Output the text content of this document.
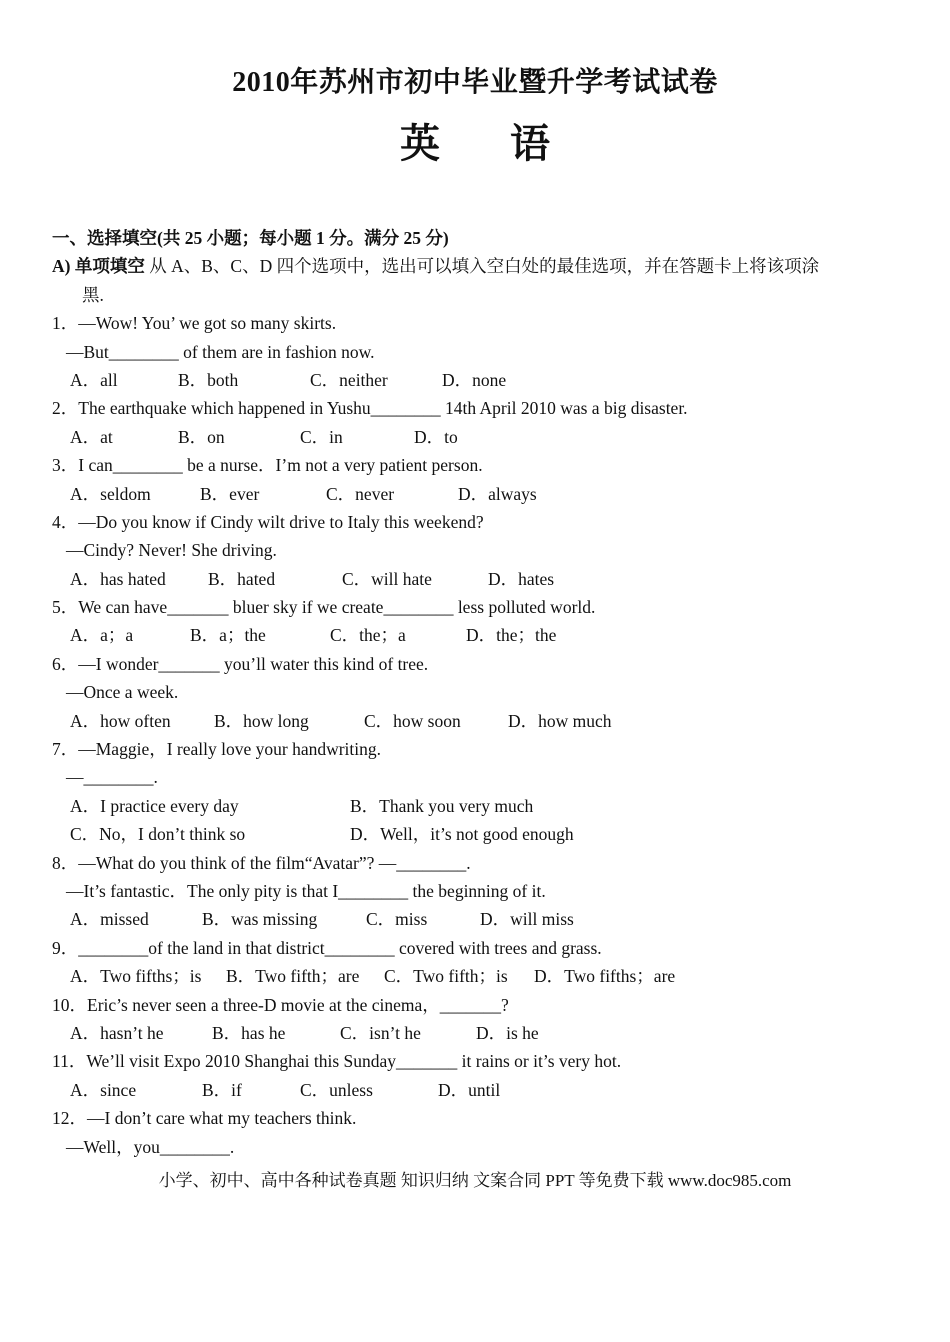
2010年苏州市初中毕业暨升学考试试卷
英 语
一、选择填空(共 25 小题；每小题 1 分。满分 25 分)
A) 单项填空 从 A、B、C、D 四个选项中，选出可以填入空白处的最佳选项，并在答题卡上将该项涂
黑.
1．—Wow! You’ we got so many skirts.
—But________ of them are in fashion now.
A．all	B．both	C．neither	D．none
2．The earthquake which happened in Yushu________ 14th April 2010 was a big disaster.
A．at	B．on	C．in	D．to
3．I can________ be a nurse．I’m not a very patient person.
A．seldom	B．ever	C．never	D．always
4．—Do you know if Cindy wilt drive to Italy this weekend?
—Cindy? Never! She driving.
A．has hated B．hated	C．will hate	D．hates
5．We can have_______ bluer sky if we create________ less polluted world.
A．a；a	B．a；the	C．the；a	D．the；the
6．—I wonder_______ you’ll water this kind of tree.
—Once a week.
A．how often B．how long	C．how soon	D．how much
7．—Maggie，I really love your handwriting.
—________.
A．I practice every day	B．Thank you very much
C．No，I don’t think so	D．Well，it’s not good enough
8．—What do you think of the film“Avatar”? —________.
—It’s fantastic．The only pity is that I________ the beginning of it.
A．missed	B．was missing	C．miss	D．will miss
9．________of the land in that district________ covered with trees and grass.
A．Two fifths；is B．Two fifth；are C．Two fifth；is D．Two fifths；are
10．Eric’s never seen a three-D movie at the cinema，_______?
A．hasn’t he	B．has he	C．isn’t he	D．is he
11．We’ll visit Expo 2010 Shanghai this Sunday_______ it rains or it’s very hot.
A．since	B．if	C．unless	D．until
12．—I don’t care what my teachers think.
—Well，you________.
小学、初中、高中各种试卷真题 知识归纳 文案合同 PPT 等免费下载 www.doc985.com
